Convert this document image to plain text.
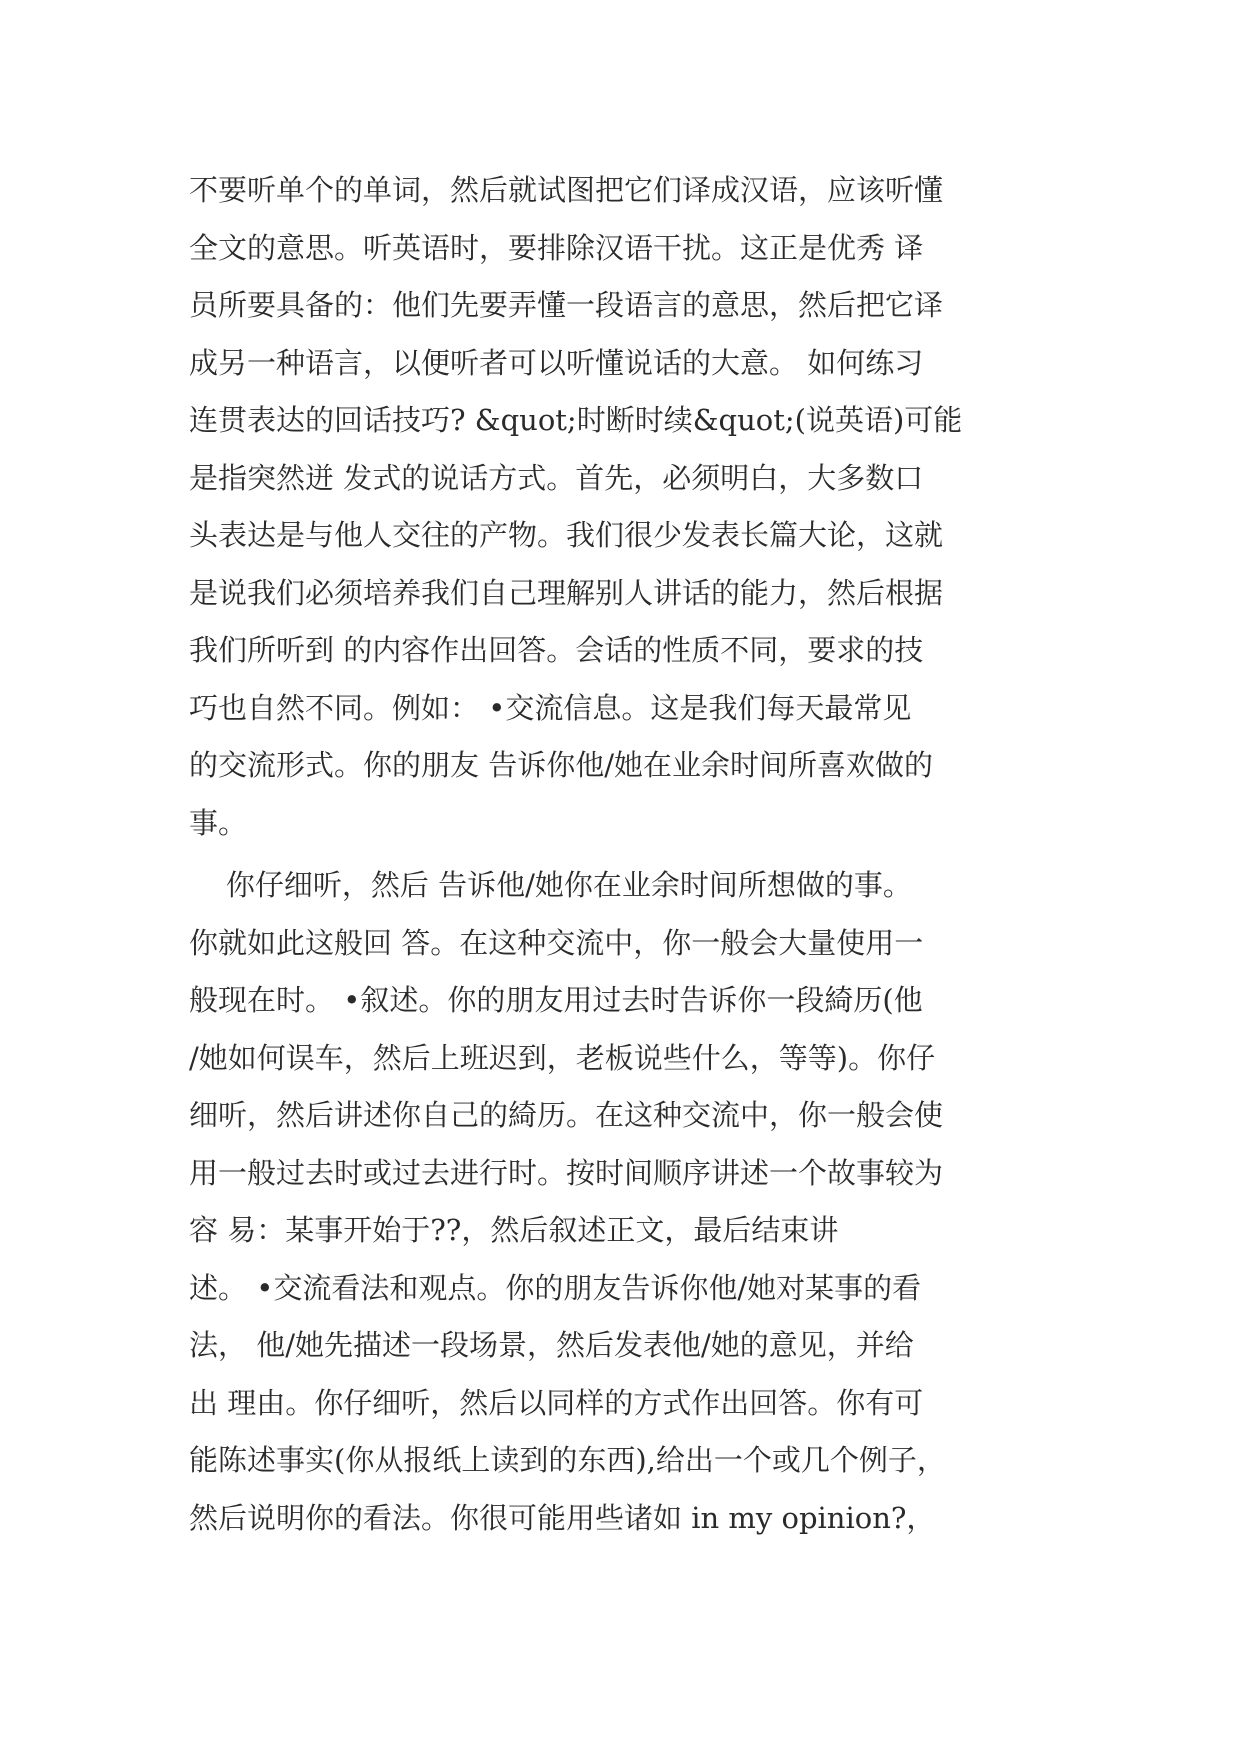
不要听单个的单词，然后就试图把它们译成汉语，应该听懂
全文的意思。听英语时，要排除汉语干扰。这正是优秀 译
员所要具备的：他们先要弄懂一段语言的意思，然后把它译
成另一种语言，以便听者可以听懂说话的大意。 如何练习
连贯表达的回话技巧? &quot;时断时续&quot;(说英语)可能
是指突然迸 发式的说话方式。首先，必须明白，大多数口
头表达是与他人交往的产物。我们很少发表长篇大论，这就
是说我们必须培养我们自己理解别人讲话的能力，然后根据
我们所听到 的内容作出回答。会话的性质不同，要求的技
巧也自然不同。例如： •交流信息。这是我们每天最常见
的交流形式。你的朋友 告诉你他/她在业余时间所喜欢做的
事。
你仔细听，然后 告诉他/她你在业余时间所想做的事。
你就如此这般回 答。在这种交流中，你一般会大量使用一
般现在时。 •叙述。你的朋友用过去时告诉你一段綺历(他
/她如何误车，然后上班迟到，老板说些什么，等等)。你仔
细听，然后讲述你自己的綺历。在这种交流中，你一般会使
用一般过去时或过去进行时。按时间顺序讲述一个故事较为
容 易：某事开始于??，然后叙述正文，最后结束讲
述。 •交流看法和观点。你的朋友告诉你他/她对某事的看
法， 他/她先描述一段场景，然后发表他/她的意见，并给
出 理由。你仔细听，然后以同样的方式作出回答。你有可
能陈述事实(你从报纸上读到的东西),给出一个或几个例子，
然后说明你的看法。你很可能用些诸如 in my opinion?，
